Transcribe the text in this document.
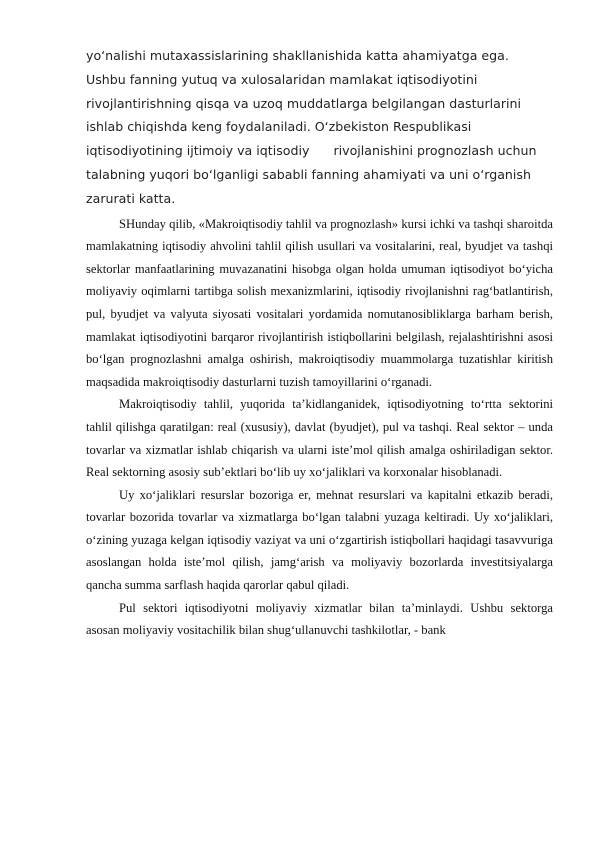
yo‘nalishi mutaxassislarining shakllanishida katta ahamiyatga ega.
Ushbu fanning yutuq va xulosalaridan mamlakat iqtisodiyotini
rivojlantirishning qisqa va uzoq muddatlarga belgilangan dasturlarini
ishlab chiqishda keng foydalaniladi. O‘zbekiston Respublikasi
iqtisodiyotining ijtimoiy va iqtisodiy      rivojlanishini prognozlash uchun
talabning yuqori bo‘lganligi sababli fanning ahamiyati va uni o‘rganish
zarurati katta.

SHunday qilib, «Makroiqtisodiy tahlil va prognozlash» kursi ichki va tashqi sharoitda mamlakatning iqtisodiy ahvolini tahlil qilish usullari va vositalarini, real, byudjet va tashqi sektorlar manfaatlarining muvazanatini hisobga olgan holda umuman iqtisodiyot bo‘yicha moliyaviy oqimlarni tartibga solish mexanizmlarini, iqtisodiy rivojlanishni rag‘batlantirish, pul, byudjet va valyuta siyosati vositalari yordamida nomutanosibliklarga barham berish, mamlakat iqtisodiyotini barqaror rivojlantirish istiqbollarini belgilash, rejalashtirishni asosi bo‘lgan prognozlashni amalga oshirish, makroiqtisodiy muammolarga tuzatishlar kiritish maqsadida makroiqtisodiy dasturlarni tuzish tamoyillarini o‘rganadi.

Makroiqtisodiy tahlil, yuqorida ta’kidlanganidek, iqtisodiyotning to‘rtta sektorini tahlil qilishga qaratilgan: real (xususiy), davlat (byudjet), pul va tashqi. Real sektor – unda tovarlar va xizmatlar ishlab chiqarish va ularni iste’mol qilish amalga oshiriladigan sektor. Real sektorning asosiy sub’ektlari bo‘lib uy xo‘jaliklari va korxonalar hisoblanadi.

Uy xo‘jaliklari resurslar bozoriga er, mehnat resurslari va kapitalni etkazib beradi, tovarlar bozorida tovarlar va xizmatlarga bo‘lgan talabni yuzaga keltiradi. Uy xo‘jaliklari, o‘zining yuzaga kelgan iqtisodiy vaziyat va uni o‘zgartirish istiqbollari haqidagi tasavvuriga asoslangan holda iste’mol qilish, jamg‘arish va moliyaviy bozorlarda investitsiyalarga qancha summa sarflash haqida qarorlar qabul qiladi.

Pul sektori iqtisodiyotni moliyaviy xizmatlar bilan ta’minlaydi. Ushbu sektorga asosan moliyaviy vositachilik bilan shug‘ullanuvchi tashkilotlar, - bank
